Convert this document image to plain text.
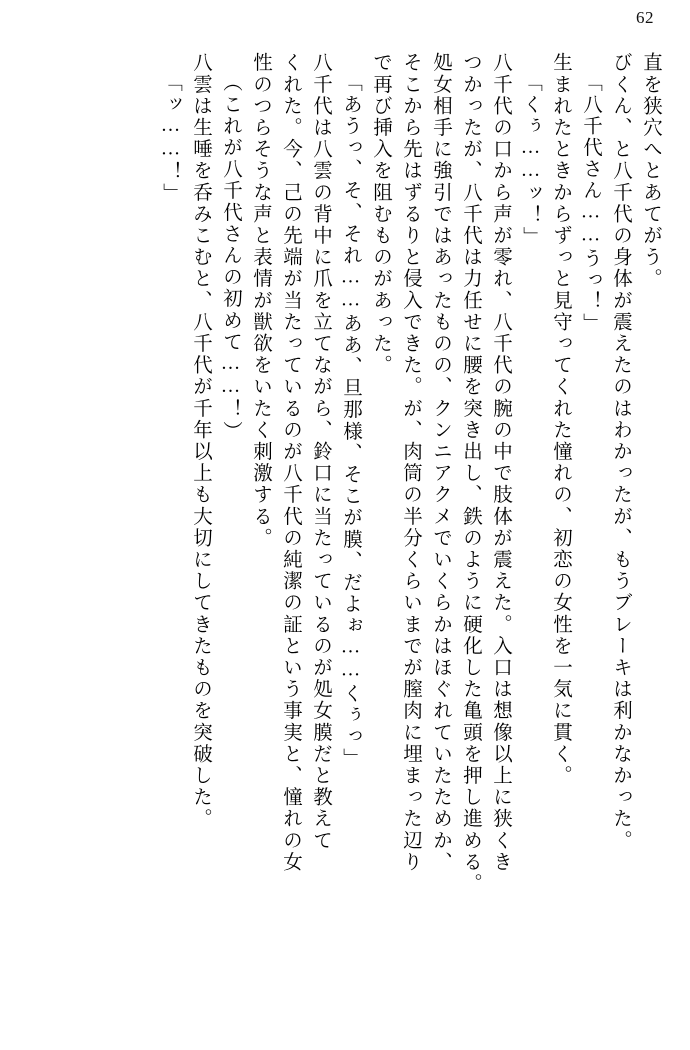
62
直を狭穴へとあてがう。
びくん、と八千代の身体が震えたのはわかったが、もうブレーキは利かなかった。
「八千代さん……うっ！」
生まれたときからずっと見守ってくれた憧れの、初恋の女性を一気に貫く。
「くぅ……ッ！」
八千代の口から声が零れ、八千代の腕の中で肢体が震えた。入口は想像以上に狭くき
つかったが、八千代は力任せに腰を突き出し、鉄のように硬化した亀頭を押し進める。
処女相手に強引ではあったものの、クンニアクメでいくらかはほぐれていたためか、
そこから先はずるりと侵入できた。が、肉筒の半分くらいまでが膣肉に埋まった辺り
で再び挿入を阻むものがあった。
「あうっ、そ、それ……ああ、旦那様、そこが膜、だよぉ……くぅっ」
八千代は八雲の背中に爪を立てながら、鈴口に当たっているのが処女膜だと教えて
くれた。今、己の先端が当たっているのが八千代の純潔の証という事実と、憧れの女
性のつらそうな声と表情が獣欲をいたく刺激する。
（これが八千代さんの初めて……！）
八雲は生唾を呑みこむと、八千代が千年以上も大切にしてきたものを突破した。
「ッ……！」
